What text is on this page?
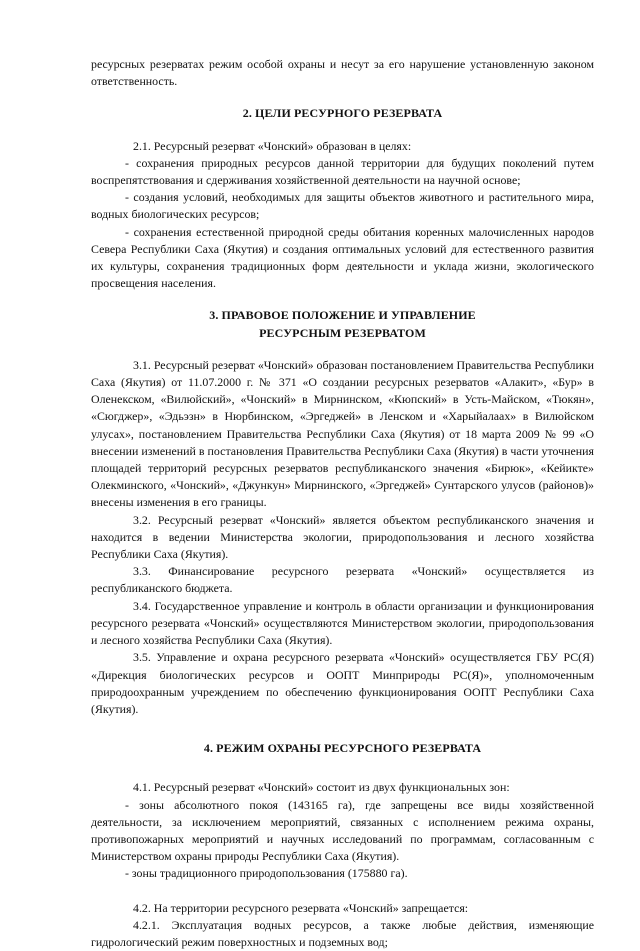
ресурсных резерватах режим особой охраны и несут за его нарушение установленную законом ответственность.

2. ЦЕЛИ РЕСУРНОГО РЕЗЕРВАТА

2.1. Ресурсный резерват «Чонский» образован в целях:

- сохранения природных ресурсов данной территории для будущих поколений путем воспрепятствования и сдерживания хозяйственной деятельности на научной основе;

- создания условий, необходимых для защиты объектов животного и растительного мира, водных биологических ресурсов;

- сохранения естественной природной среды обитания коренных малочисленных народов Севера Республики Саха (Якутия) и создания оптимальных условий для естественного развития их культуры, сохранения традиционных форм деятельности и уклада жизни, экологического просвещения населения.

3. ПРАВОВОЕ ПОЛОЖЕНИЕ И УПРАВЛЕНИЕ
РЕСУРСНЫМ РЕЗЕРВАТОМ

3.1. Ресурсный резерват «Чонский» образован постановлением Правительства Республики Саха (Якутия) от 11.07.2000 г. № 371 «О создании ресурсных резерватов «Алакит», «Бур» в Оленекском, «Вилюйский», «Чонский» в Мирнинском, «Кюпский» в Усть-Майском, «Тюкян», «Сюгджер», «Эдьэзн» в Нюрбинском, «Эргеджей» в Ленском и «Харыйалаах» в Вилюйском улусах», постановлением Правительства Республики Саха (Якутия) от 18 марта 2009 № 99 «О внесении изменений в постановления Правительства Республики Саха (Якутия) в части уточнения площадей территорий ресурсных резерватов республиканского значения «Бирюк», «Кейикте» Олекминского, «Чонский», «Джункун» Мирнинского, «Эргеджей» Сунтарского улусов (районов)» внесены изменения в его границы.

3.2. Ресурсный резерват «Чонский» является объектом республиканского значения и находится в ведении Министерства экологии, природопользования и лесного хозяйства Республики Саха (Якутия).

3.3. Финансирование ресурсного резервата «Чонский» осуществляется из республиканского бюджета.

3.4. Государственное управление и контроль в области организации и функционирования ресурсного резервата «Чонский» осуществляются Министерством экологии, природопользования и лесного хозяйства Республики Саха (Якутия).

3.5. Управление и охрана ресурсного резервата «Чонский» осуществляется ГБУ РС(Я) «Дирекция биологических ресурсов и ООПТ Минприроды РС(Я)», уполномоченным природоохранным учреждением по обеспечению функционирования ООПТ Республики Саха (Якутия).

4. РЕЖИМ ОХРАНЫ РЕСУРСНОГО РЕЗЕРВАТА

4.1. Ресурсный резерват «Чонский» состоит из двух функциональных зон:

- зоны абсолютного покоя (143165 га), где запрещены все виды хозяйственной деятельности, за исключением мероприятий, связанных с исполнением режима охраны, противопожарных мероприятий и научных исследований по программам, согласованным с Министерством охраны природы Республики Саха (Якутия).

- зоны традиционного природопользования (175880 га).

4.2. На территории ресурсного резервата «Чонский» запрещается:

4.2.1. Эксплуатация водных ресурсов, а также любые действия, изменяющие гидрологический режим поверхностных и подземных вод;
